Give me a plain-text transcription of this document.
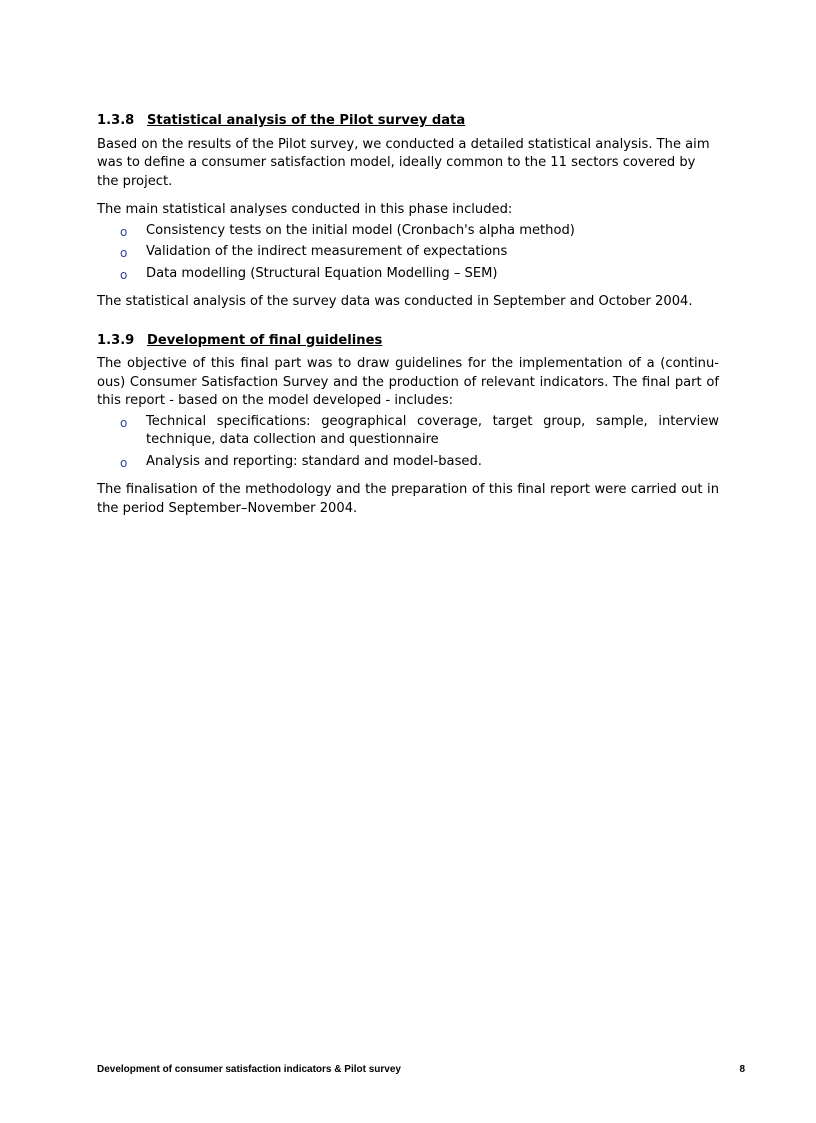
1.3.8 Statistical analysis of the Pilot survey data

Based on the results of the Pilot survey, we conducted a detailed statistical analysis. The aim was to define a consumer satisfaction model, ideally common to the 11 sectors covered by the project.

The main statistical analyses conducted in this phase included:

o Consistency tests on the initial model (Cronbach's alpha method)
o Validation of the indirect measurement of expectations
o Data modelling (Structural Equation Modelling – SEM)

The statistical analysis of the survey data was conducted in September and October 2004.

1.3.9 Development of final guidelines

The objective of this final part was to draw guidelines for the implementation of a (continu-ous) Consumer Satisfaction Survey and the production of relevant indicators. The final part of this report - based on the model developed - includes:

o Technical specifications: geographical coverage, target group, sample, interview technique, data collection and questionnaire
o Analysis and reporting: standard and model-based.

The finalisation of the methodology and the preparation of this final report were carried out in the period September–November 2004.

Development of consumer satisfaction indicators & Pilot survey	8
